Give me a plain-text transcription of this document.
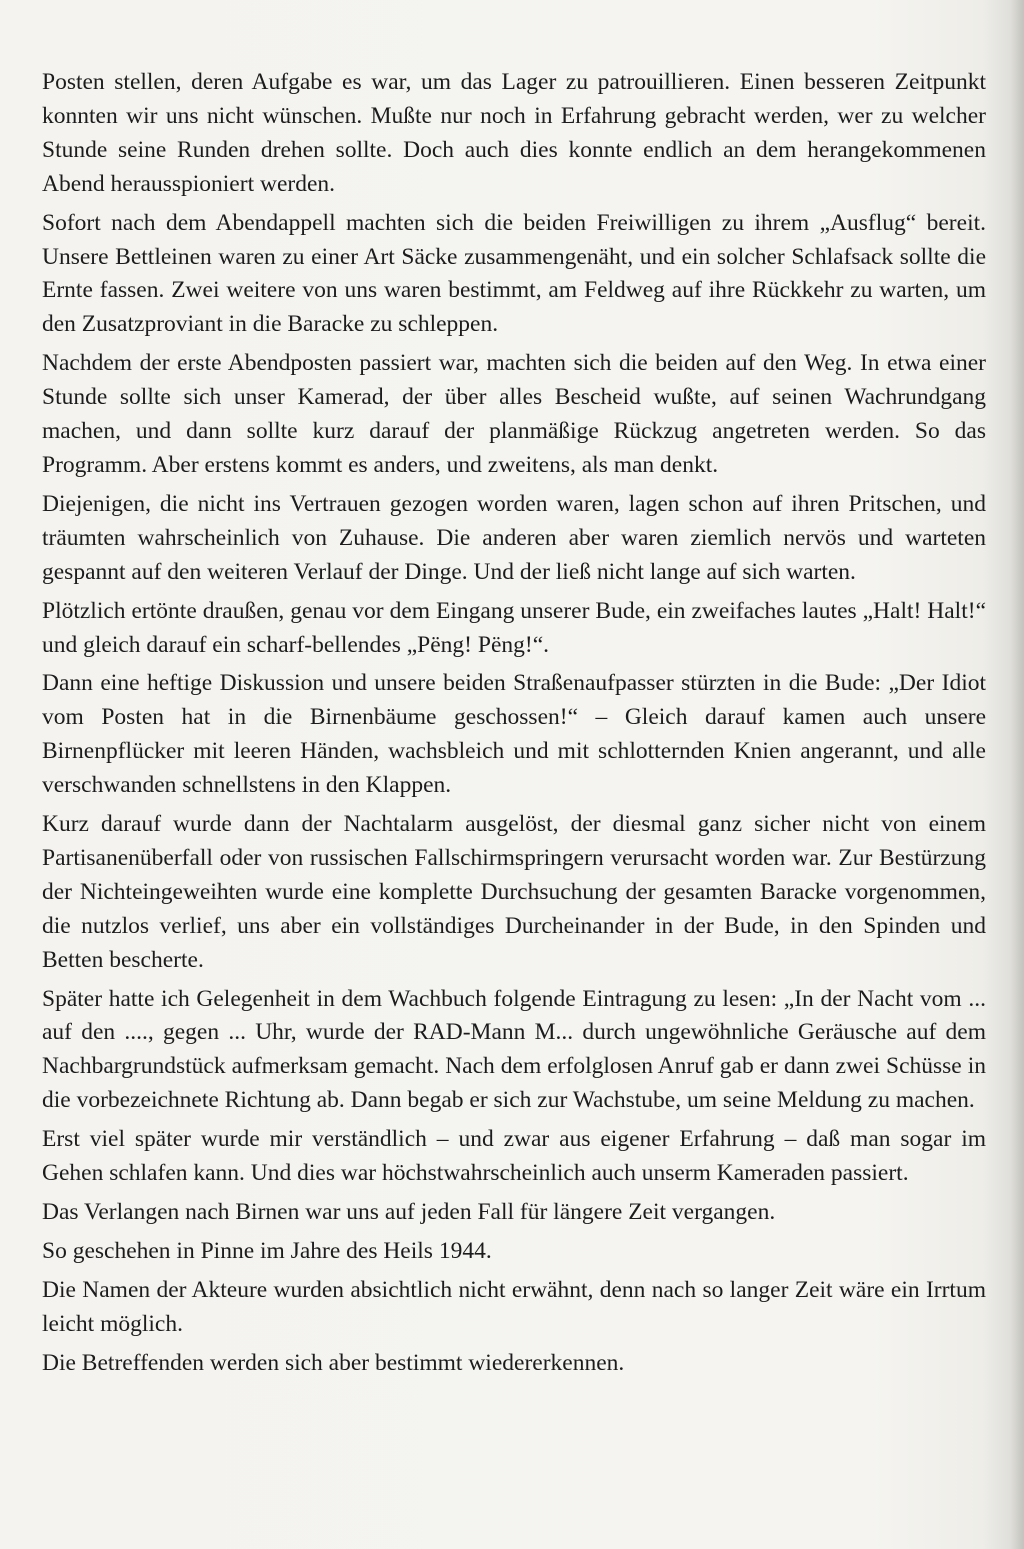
Posten stellen, deren Aufgabe es war, um das Lager zu patrouillieren. Einen besseren Zeitpunkt konnten wir uns nicht wünschen. Mußte nur noch in Erfahrung gebracht werden, wer zu welcher Stunde seine Runden drehen sollte. Doch auch dies konnte endlich an dem herangekommenen Abend herausspioniert werden.

Sofort nach dem Abendappell machten sich die beiden Freiwilligen zu ihrem „Ausflug“ bereit. Unsere Bettleinen waren zu einer Art Säcke zusammengenäht, und ein solcher Schlafsack sollte die Ernte fassen. Zwei weitere von uns waren bestimmt, am Feldweg auf ihre Rückkehr zu warten, um den Zusatzproviant in die Baracke zu schleppen.

Nachdem der erste Abendposten passiert war, machten sich die beiden auf den Weg. In etwa einer Stunde sollte sich unser Kamerad, der über alles Bescheid wußte, auf seinen Wachrundgang machen, und dann sollte kurz darauf der planmäßige Rückzug angetreten werden. So das Programm. Aber erstens kommt es anders, und zweitens, als man denkt.

Diejenigen, die nicht ins Vertrauen gezogen worden waren, lagen schon auf ihren Pritschen, und träumten wahrscheinlich von Zuhause. Die anderen aber waren ziemlich nervös und warteten gespannt auf den weiteren Verlauf der Dinge. Und der ließ nicht lange auf sich warten.

Plötzlich ertönte draußen, genau vor dem Eingang unserer Bude, ein zweifaches lautes „Halt! Halt!“ und gleich darauf ein scharf-bellendes „Pëng! Pëng!“.

Dann eine heftige Diskussion und unsere beiden Straßenaufpasser stürzten in die Bude: „Der Idiot vom Posten hat in die Birnenbäume geschossen!“ – Gleich darauf kamen auch unsere Birnenpflücker mit leeren Händen, wachsbleich und mit schlotternden Knien angerannt, und alle verschwanden schnellstens in den Klappen.

Kurz darauf wurde dann der Nachtalarm ausgelöst, der diesmal ganz sicher nicht von einem Partisanenüberfall oder von russischen Fallschirmspringern verursacht worden war. Zur Bestürzung der Nichteingeweihten wurde eine komplette Durchsuchung der gesamten Baracke vorgenommen, die nutzlos verlief, uns aber ein vollständiges Durcheinander in der Bude, in den Spinden und Betten bescherte.

Später hatte ich Gelegenheit in dem Wachbuch folgende Eintragung zu lesen: „In der Nacht vom ... auf den ...., gegen ... Uhr, wurde der RAD-Mann M... durch ungewöhnliche Geräusche auf dem Nachbargrundstück aufmerksam gemacht. Nach dem erfolglosen Anruf gab er dann zwei Schüsse in die vorbezeichnete Richtung ab. Dann begab er sich zur Wachstube, um seine Meldung zu machen.

Erst viel später wurde mir verständlich – und zwar aus eigener Erfahrung – daß man sogar im Gehen schlafen kann. Und dies war höchstwahrscheinlich auch unserm Kameraden passiert.

Das Verlangen nach Birnen war uns auf jeden Fall für längere Zeit vergangen.

So geschehen in Pinne im Jahre des Heils 1944.

Die Namen der Akteure wurden absichtlich nicht erwähnt, denn nach so langer Zeit wäre ein Irrtum leicht möglich.

Die Betreffenden werden sich aber bestimmt wiedererkennen.
